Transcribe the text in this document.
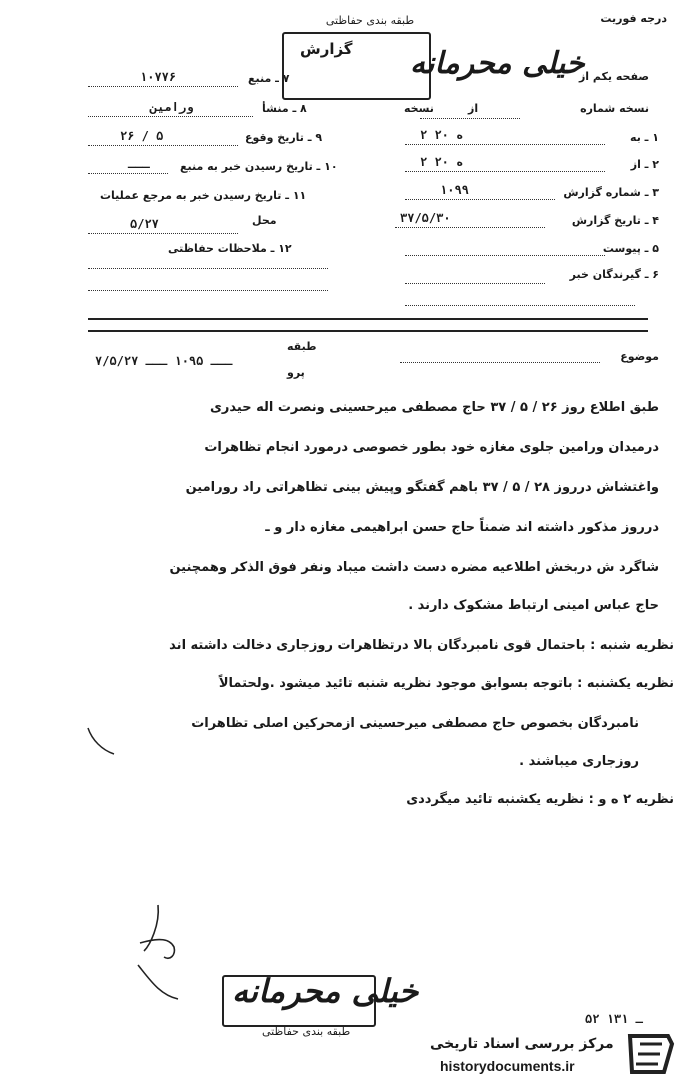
درجه فوریت
طبقه بندی حفاظتی
گزارش خیلی محرمانه
صفحه یکم از
نسخه شماره
از
نسخه
۱ ـ به
۲ ه ۲۰
۲ ـ از
۲ ه ۲۰
۳ ـ شماره گزارش
۱۰۹۹
۴ ـ تاریخ گزارش
۳۷/۵/۳۰
۵ ـ پیوست
۶ ـ گیرندگان خبر
۷ ـ منبع
۱۰۷۷۶
۸ ـ منشأ
ورامین
۹ ـ تاریخ وقوع
۲۶ / ۵
۱۰ ـ تاریخ رسیدن خبر به منبع
ـــ
۱۱ ـ تاریخ رسیدن خبر به مرجع عملیات
محل
۵/۲۷
۱۲ ـ ملاحظات حفاظتی
موضوع
طبقه
پرو
۷/۵/۲۷ ـــ ۱۰۹۵ ـــ
طبق اطلاع روز ۲۶ / ۵ / ۳۷ حاج مصطفی میرحسینی ونصرت اله حیدری
درمیدان ورامین جلوی مغازه خود بطور خصوصی درمورد انجام تظاهرات
واغتشاش درروز ۲۸ / ۵ / ۳۷ باهم گفتگو وپیش بینی تظاهراتی راد رورامین
درروز مذکور داشته اند ضمناً حاج حسن ابراهیمی مغازه دار و ـ
شاگرد ش دربخش اطلاعیه مضره دست داشت میباد ونفر فوق الذکر وهمچنین
حاج عباس امینی ارتباط مشکوک دارند .
نظریه شنبه : باحتمال قوی نامبردگان بالا درتظاهرات روزجاری دخالت داشته اند
نظریه یکشنبه : باتوجه بسوابق موجود نظریه شنبه تائید میشود .ولحتمالاً
نامبردگان بخصوص حاج مصطفی میرحسینی ازمحرکین اصلی تظاهرات
روزجاری میباشند .
نظریه ۲ ه و : نظریه یکشنبه تائید میگرددی
خیلی محرمانه
طبقه بندی حفاظتی
۵۲ ـ ۱۳۱
مرکز بررسی اسناد تاریخی
historydocuments.ir
